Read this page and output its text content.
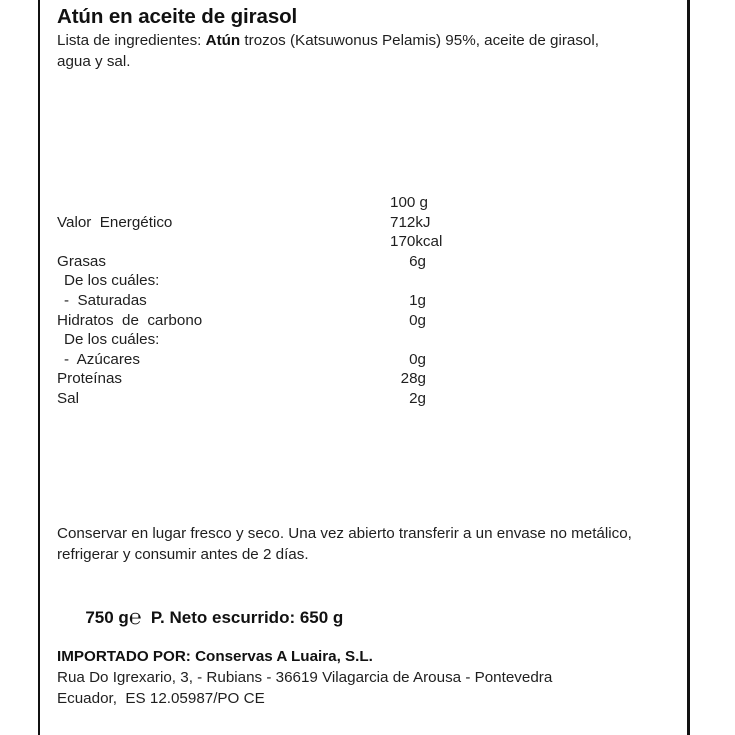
Atún en aceite de girasol
Lista de ingredientes: Atún trozos (Katsuwonus Pelamis) 95%, aceite de girasol, agua y sal.
100 g
Valor  Energético	712kJ
170kcal
Grasas	6g
De los cuáles:
-  Saturadas	1g
Hidratos  de  carbono	0g
De los cuáles:
-  Azúcares	0g
Proteínas	28g
Sal	2g
Conservar en lugar fresco y seco. Una vez abierto transferir a un envase no metálico, refrigerar y consumir antes de 2 días.

750 g℮ P. Neto escurrido: 650 g

IMPORTADO POR: Conservas A Luaira, S.L.
Rua Do Igrexario, 3, - Rubians - 36619 Vilagarcia de Arousa - Pontevedra
Ecuador,  ES 12.05987/PO CE
